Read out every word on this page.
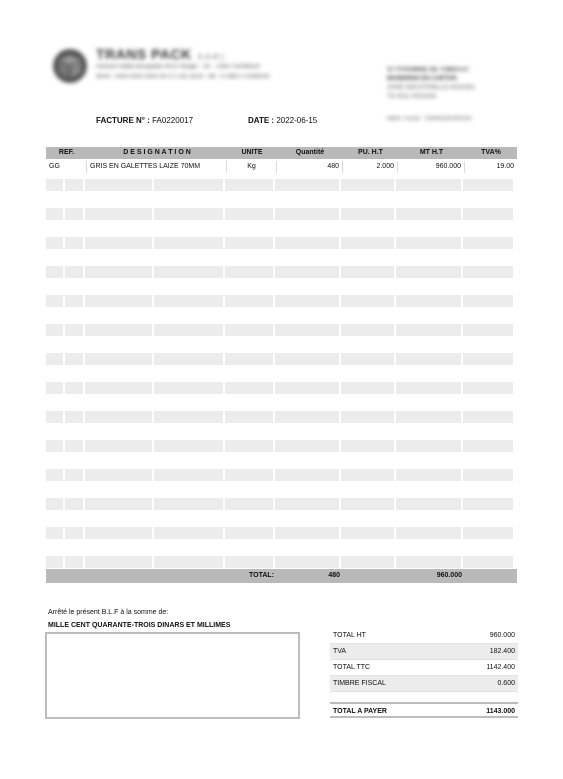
TRANS PACK S.A.R.L
Avenue Habib Bourguiba 4010 Hergla - Tel : 73497750/98550
IBAN: TN59 0000 0000 4073 1782 5619 - MF: 073867/T/A/M/000
ST PYRAMIDE DE TUBES ET
MANDRINS EN CARTON
ZONE INDUSTRIELLE AKOUDA
TN 4012 AKOUDA
Ident. Fiscal : 1094429/A/M/000
FACTURE N° : FA0220017	DATE : 2022-06-15
REF.	D E S I G N A T I O N	UNITE	Quantité	PU. H.T	MT H.T	TVA%
GG	GRIS EN GALETTES LAIZE 70MM	Kg	480	2.000	960.000	19.00
TOTAL:	480	960.000
Arrêté le présent B.L.F à la somme de:
MILLE CENT QUARANTE-TROIS DINARS ET MILLIMES
TOTAL HT	960.000
TVA	182.400
TOTAL TTC	1142.400
TIMBRE FISCAL	0.600
TOTAL A PAYER	1143.000
